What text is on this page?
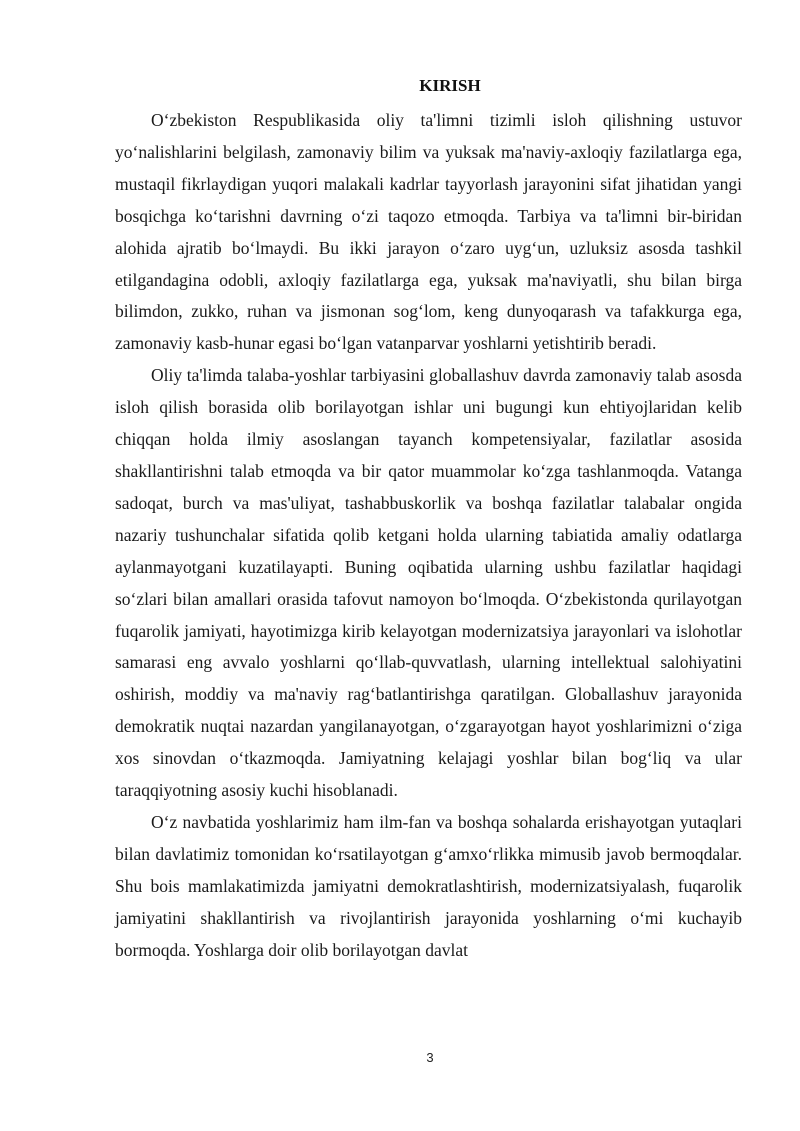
KIRISH

O‘zbekiston Respublikasida oliy ta'limni tizimli isloh qilishning ustuvor yo‘nalishlarini belgilash, zamonaviy bilim va yuksak ma'naviy-axloqiy fazilatlarga ega, mustaqil fikrlaydigan yuqori malakali kadrlar tayyorlash jarayonini sifat jihatidan yangi bosqichga ko‘tarishni davrning o‘zi taqozo etmoqda. Tarbiya va ta'limni bir-biridan alohida ajratib bo‘lmaydi. Bu ikki jarayon o‘zaro uyg‘un, uzluksiz asosda tashkil etilgandagina odobli, axloqiy fazilatlarga ega, yuksak ma'naviyatli, shu bilan birga bilimdon, zukko, ruhan va jismonan sog‘lom, keng dunyoqarash va tafakkurga ega, zamonaviy kasb-hunar egasi bo‘lgan vatanparvar yoshlarni yetishtirib beradi.

Oliy ta'limda talaba-yoshlar tarbiyasini globallashuv davrda zamonaviy talab asosda isloh qilish borasida olib borilayotgan ishlar uni bugungi kun ehtiyojlaridan kelib chiqqan holda ilmiy asoslangan tayanch kompetensiyalar, fazilatlar asosida shakllantirishni talab etmoqda va bir qator muammolar ko‘zga tashlanmoqda. Vatanga sadoqat, burch va mas'uliyat, tashabbuskorlik va boshqa fazilatlar talabalar ongida nazariy tushunchalar sifatida qolib ketgani holda ularning tabiatida amaliy odatlarga aylanmayotgani kuzatilayapti. Buning oqibatida ularning ushbu fazilatlar haqidagi so‘zlari bilan amallari orasida tafovut namoyon bo‘lmoqda. O‘zbekistonda qurilayotgan fuqarolik jamiyati, hayotimizga kirib kelayotgan modernizatsiya jarayonlari va islohotlar samarasi eng avvalo yoshlarni qo‘llab-quvvatlash, ularning intellektual salohiyatini oshirish, moddiy va ma'naviy rag‘batlantirishga qaratilgan. Globallashuv jarayonida demokratik nuqtai nazardan yangilanayotgan, o‘zgarayotgan hayot yoshlarimizni o‘ziga xos sinovdan o‘tkazmoqda. Jamiyatning kelajagi yoshlar bilan bog‘liq va ular taraqqiyotning asosiy kuchi hisoblanadi.

O‘z navbatida yoshlarimiz ham ilm-fan va boshqa sohalarda erishayotgan yutaqlari bilan davlatimiz tomonidan ko‘rsatilayotgan g‘amxo‘rlikka mimusib javob bermoqdalar. Shu bois mamlakatimizda jamiyatni demokratlashtirish, modernizatsiyalash, fuqarolik jamiyatini shakllantirish va rivojlantirish jarayonida yoshlarning o‘mi kuchayib bormoqda. Yoshlarga doir olib borilayotgan davlat

3
